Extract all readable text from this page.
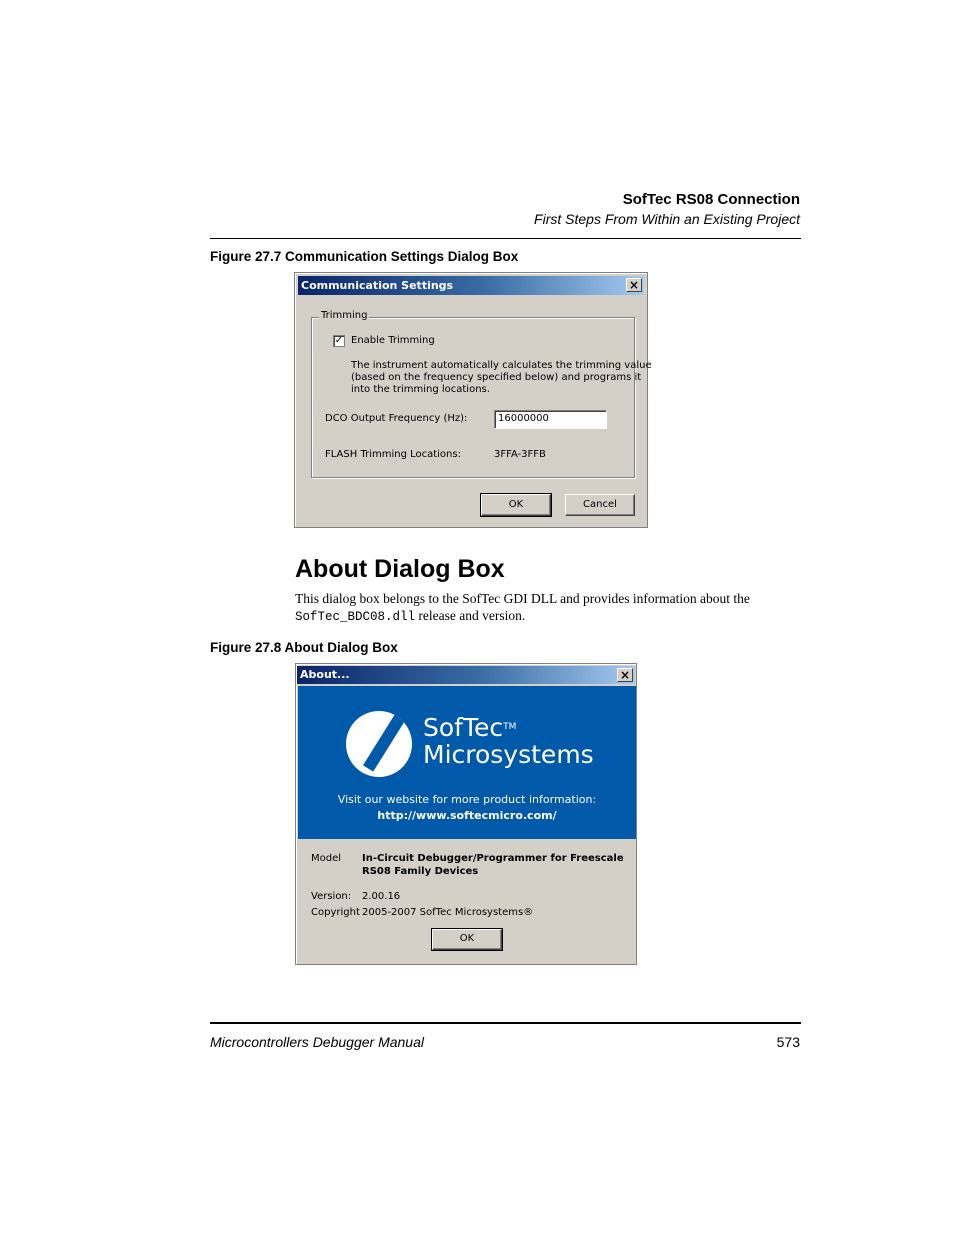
SofTec RS08 Connection
First Steps From Within an Existing Project
Figure 27.7 Communication Settings Dialog Box
Communication Settings	×
Trimming
✓ Enable Trimming
The instrument automatically calculates the trimming value
(based on the frequency specified below) and programs it
into the trimming locations.
DCO Output Frequency (Hz):	16000000
FLASH Trimming Locations:	3FFA-3FFB
OK	Cancel
About Dialog Box
This dialog box belongs to the SofTec GDI DLL and provides information about the SofTec_BDC08.dll release and version.
Figure 27.8 About Dialog Box
About...	×
SofTec™
Microsystems
Visit our website for more product information:
http://www.softecmicro.com/
Model In-Circuit Debugger/Programmer for Freescale
RS08 Family Devices
Version: 2.00.16
Copyright 2005-2007 SofTec Microsystems®
OK
Microcontrollers Debugger Manual	573
